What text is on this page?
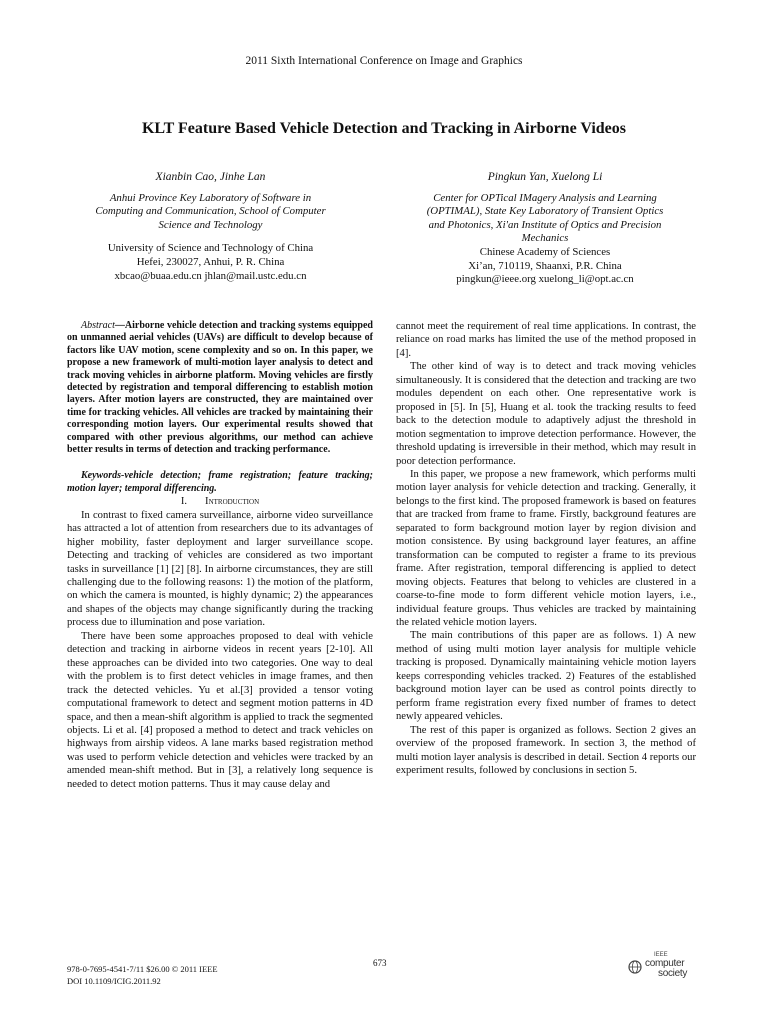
2011 Sixth International Conference on Image and Graphics
KLT Feature Based Vehicle Detection and Tracking in Airborne Videos
Xianbin Cao, Jinhe Lan
Anhui Province Key Laboratory of Software in
Computing and Communication, School of Computer
Science and Technology
University of Science and Technology of China
Hefei, 230027, Anhui, P. R. China
xbcao@buaa.edu.cn jhlan@mail.ustc.edu.cn
Pingkun Yan, Xuelong Li
Center for OPTical IMagery Analysis and Learning
(OPTIMAL), State Key Laboratory of Transient Optics
and Photonics, Xi'an Institute of Optics and Precision
Mechanics
Chinese Academy of Sciences
Xi’an, 710119, Shaanxi, P.R. China
pingkun@ieee.org xuelong_li@opt.ac.cn

Abstract—Airborne vehicle detection and tracking systems equipped on unmanned aerial vehicles (UAVs) are difficult to develop because of factors like UAV motion, scene complexity and so on. In this paper, we propose a new framework of multi-motion layer analysis to detect and track moving vehicles in airborne platform. Moving vehicles are firstly detected by registration and temporal differencing to establish motion layers. After motion layers are constructed, they are maintained over time for tracking vehicles. All vehicles are tracked by maintaining their corresponding motion layers. Our experimental results showed that compared with other previous algorithms, our method can achieve better results in terms of detection and tracking performance.

Keywords-vehicle detection; frame registration; feature tracking; motion layer; temporal differencing.

I. Introduction

In contrast to fixed camera surveillance, airborne video surveillance has attracted a lot of attention from researchers due to its advantages of higher mobility, faster deployment and larger surveillance scope. Detecting and tracking of vehicles are considered as two important tasks in surveillance [1] [2] [8]. In airborne circumstances, they are still challenging due to the following reasons: 1) the motion of the platform, on which the camera is mounted, is highly dynamic; 2) the appearances and shapes of the objects may change significantly during the tracking process due to illumination and pose variation.

There have been some approaches proposed to deal with vehicle detection and tracking in airborne videos in recent years [2-10]. All these approaches can be divided into two categories. One way to deal with the problem is to first detect vehicles in image frames, and then track the detected vehicles. Yu et al.[3] provided a tensor voting computational framework to detect and segment motion patterns in 4D space, and then a mean-shift algorithm is applied to track the segmented objects. Li et al. [4] proposed a method to detect and track vehicles on highways from airship videos. A lane marks based registration method was used to perform vehicle detection and vehicles were tracked by an amended mean-shift method. But in [3], a relatively long sequence is needed to detect motion patterns. Thus it may cause delay and

cannot meet the requirement of real time applications. In contrast, the reliance on road marks has limited the use of the method proposed in [4].

The other kind of way is to detect and track moving vehicles simultaneously. It is considered that the detection and tracking are two modules dependent on each other. One representative work is proposed in [5]. In [5], Huang et al. took the tracking results to feed back to the detection module to adaptively adjust the threshold in motion segmentation to improve detection performance. However, the threshold updating is irreversible in their method, which may result in poor detection performance.

In this paper, we propose a new framework, which performs multi motion layer analysis for vehicle detection and tracking. Generally, it belongs to the first kind. The proposed framework is based on features that are tracked from frame to frame. Firstly, background features are separated to form background motion layer by region division and motion consistence. By using background layer features, an affine transformation can be computed to register a frame to its previous frame. After registration, temporal differencing is applied to detect moving objects. Features that belong to vehicles are clustered in a coarse-to-fine mode to form different vehicle motion layers, i.e., individual feature groups. Thus vehicles are tracked by maintaining the related vehicle motion layers.

The main contributions of this paper are as follows. 1) A new method of using multi motion layer analysis for multiple vehicle tracking is proposed. Dynamically maintaining vehicle motion layers keeps corresponding vehicles tracked. 2) Features of the established background motion layer can be used as control points directly to perform frame registration every fixed number of frames to detect newly appeared vehicles.

The rest of this paper is organized as follows. Section 2 gives an overview of the proposed framework. In section 3, the method of multi motion layer analysis is described in detail. Section 4 reports our experiment results, followed by conclusions in section 5.

978-0-7695-4541-7/11 $26.00 © 2011 IEEE
DOI 10.1109/ICIG.2011.92
673
IEEE
computer
society
